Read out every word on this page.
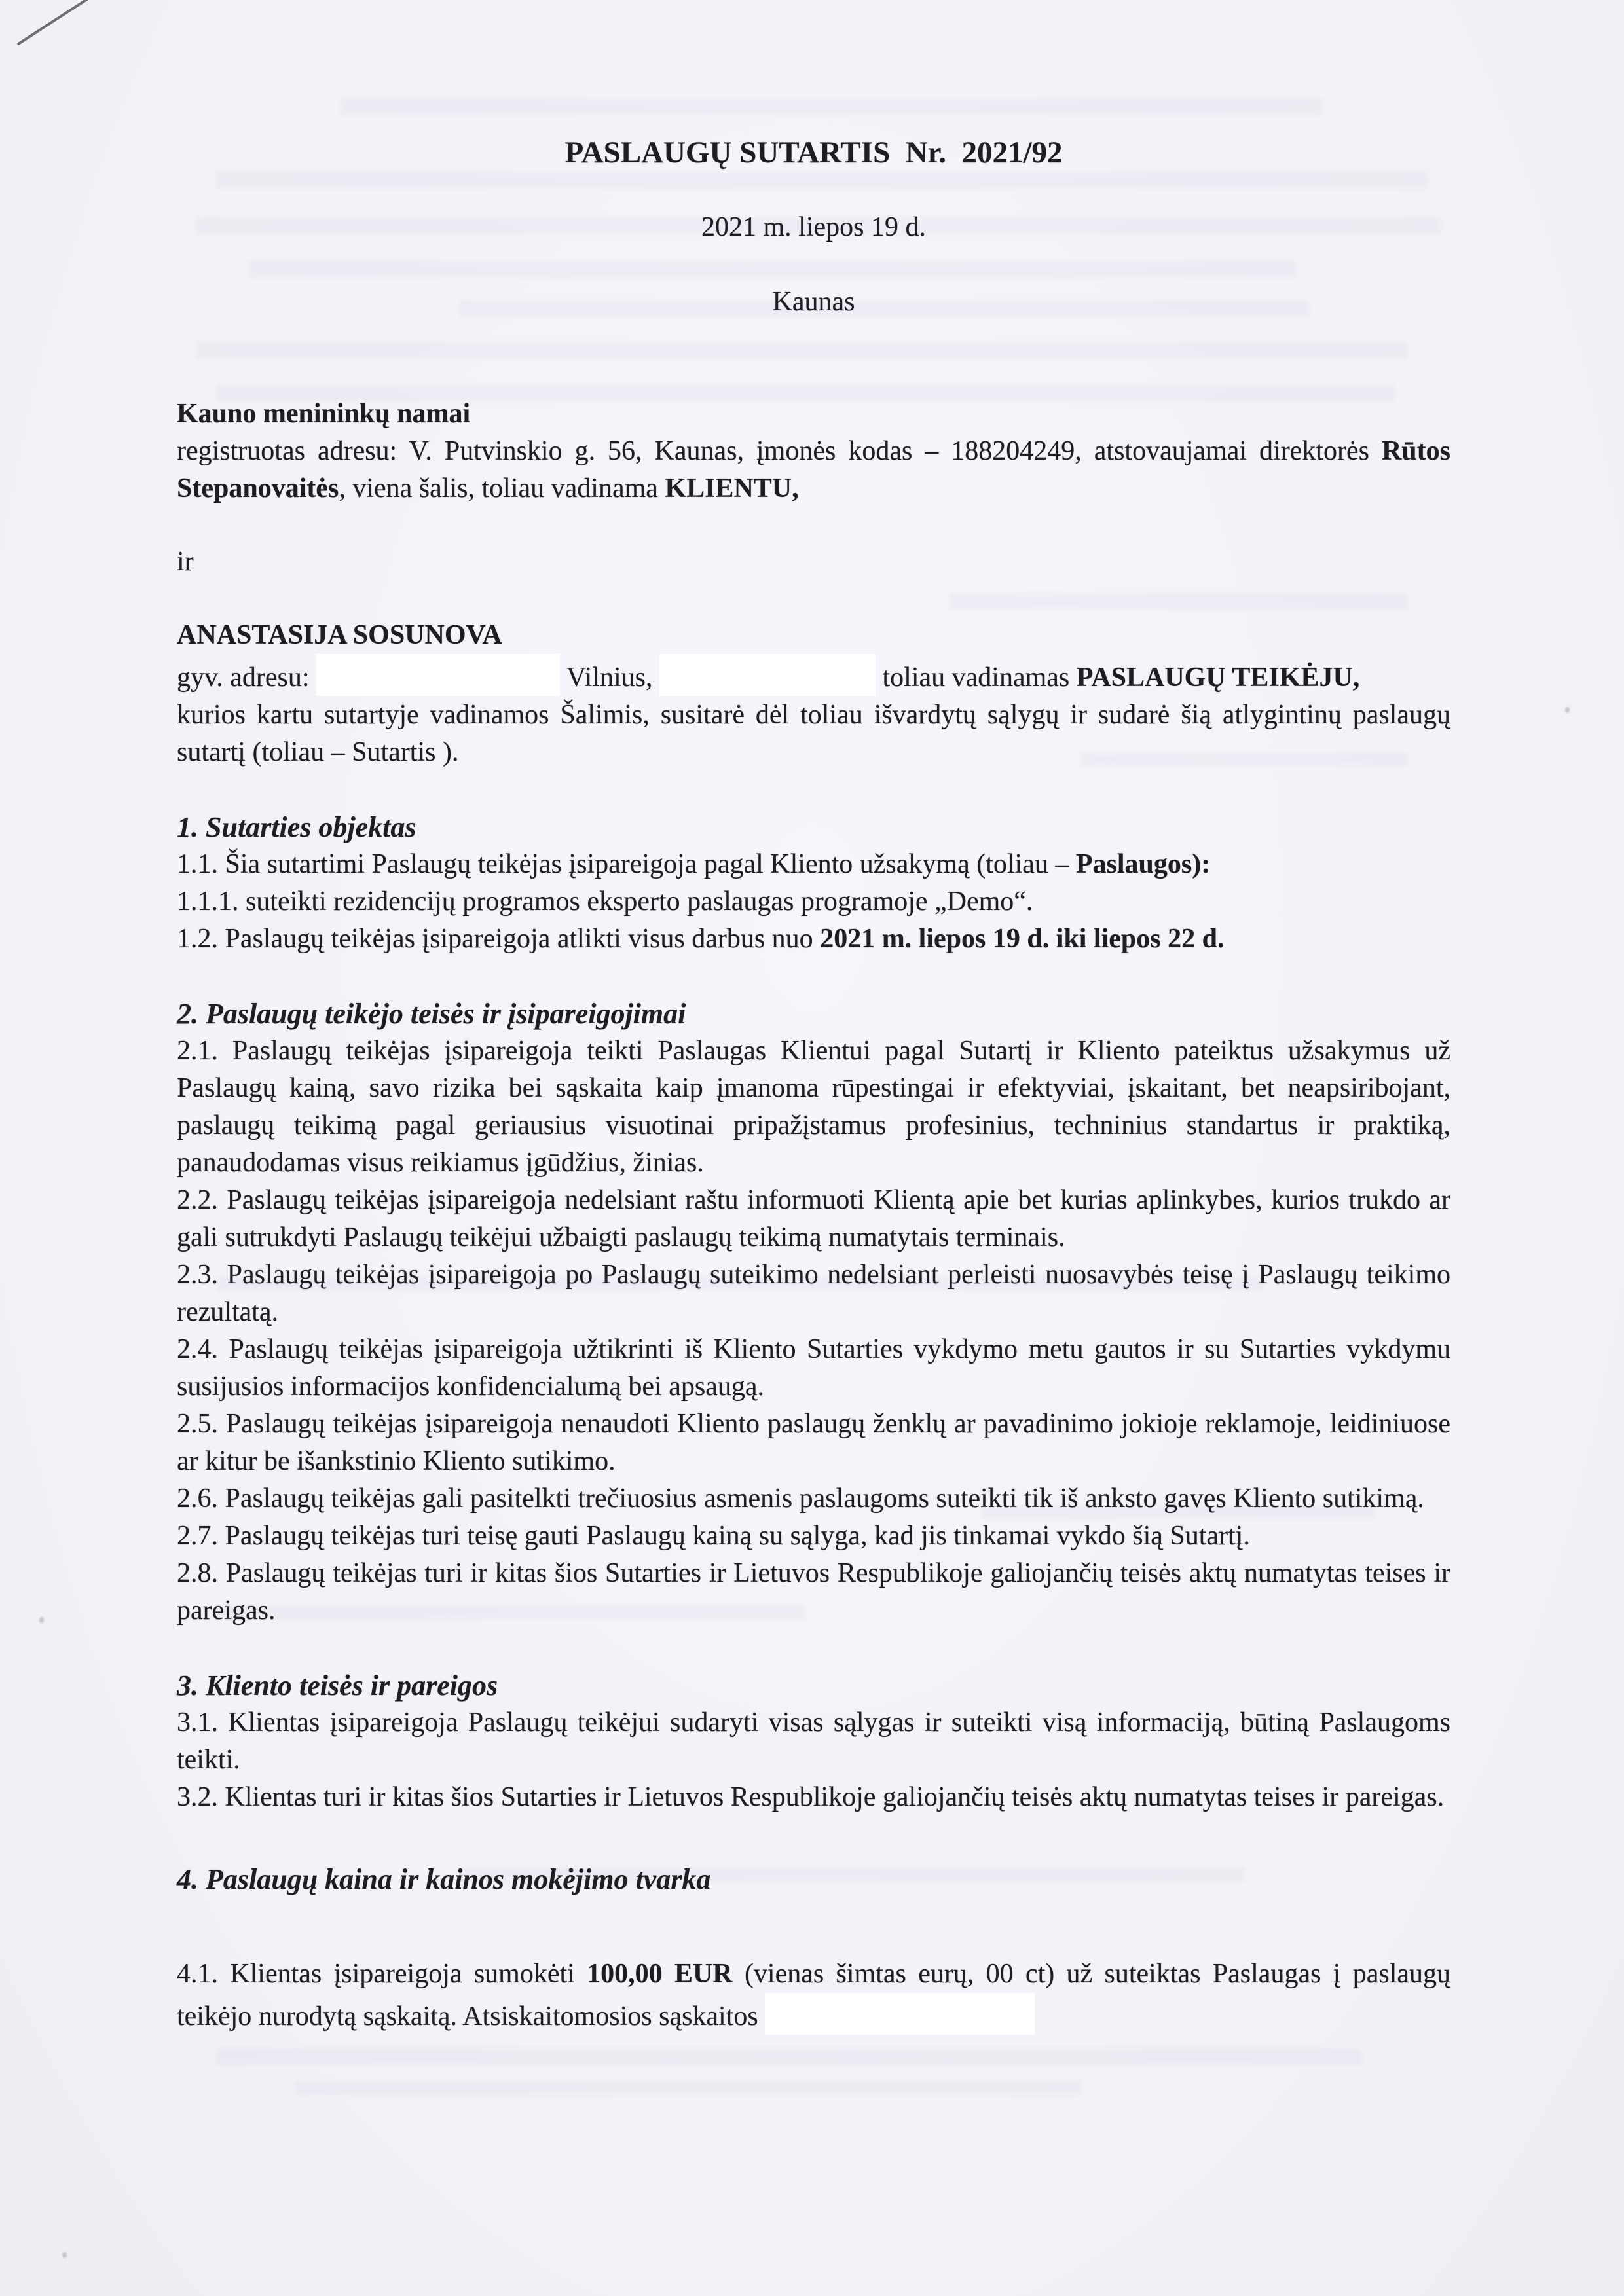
PASLAUGŲ SUTARTIS  Nr.  2021/92

2021 m. liepos 19 d.

Kaunas

Kauno menininkų namai

registruotas adresu: V. Putvinskio g. 56, Kaunas, įmonės kodas – 188204249, atstovaujamai direktorės Rūtos Stepanovaitės, viena šalis, toliau vadinama KLIENTU,

ir

ANASTASIJA SOSUNOVA

gyv. adresu:	Vilnius,	toliau vadinamas PASLAUGŲ TEIKĖJU,

kurios kartu sutartyje vadinamos Šalimis, susitarė dėl toliau išvardytų sąlygų ir sudarė šią atlygintinų paslaugų sutartį (toliau – Sutartis ).

1. Sutarties objektas

1.1. Šia sutartimi Paslaugų teikėjas įsipareigoja pagal Kliento užsakymą (toliau – Paslaugos):

1.1.1. suteikti rezidencijų programos eksperto paslaugas programoje „Demo“.

1.2. Paslaugų teikėjas įsipareigoja atlikti visus darbus nuo 2021 m. liepos 19 d. iki liepos 22 d.

2. Paslaugų teikėjo teisės ir įsipareigojimai

2.1. Paslaugų teikėjas įsipareigoja teikti Paslaugas Klientui pagal Sutartį ir Kliento pateiktus užsakymus už Paslaugų kainą, savo rizika bei sąskaita kaip įmanoma rūpestingai ir efektyviai, įskaitant, bet neapsiribojant, paslaugų teikimą pagal geriausius visuotinai pripažįstamus profesinius, techninius standartus ir praktiką, panaudodamas visus reikiamus įgūdžius, žinias.

2.2. Paslaugų teikėjas įsipareigoja nedelsiant raštu informuoti Klientą apie bet kurias aplinkybes, kurios trukdo ar gali sutrukdyti Paslaugų teikėjui užbaigti paslaugų teikimą numatytais terminais.

2.3. Paslaugų teikėjas įsipareigoja po Paslaugų suteikimo nedelsiant perleisti nuosavybės teisę į Paslaugų teikimo rezultatą.

2.4. Paslaugų teikėjas įsipareigoja užtikrinti iš Kliento Sutarties vykdymo metu gautos ir su Sutarties vykdymu susijusios informacijos konfidencialumą bei apsaugą.

2.5. Paslaugų teikėjas įsipareigoja nenaudoti Kliento paslaugų ženklų ar pavadinimo jokioje reklamoje, leidiniuose ar kitur be išankstinio Kliento sutikimo.

2.6. Paslaugų teikėjas gali pasitelkti trečiuosius asmenis paslaugoms suteikti tik iš anksto gavęs Kliento sutikimą.

2.7. Paslaugų teikėjas turi teisę gauti Paslaugų kainą su sąlyga, kad jis tinkamai vykdo šią Sutartį.

2.8. Paslaugų teikėjas turi ir kitas šios Sutarties ir Lietuvos Respublikoje galiojančių teisės aktų numatytas teises ir pareigas.

3. Kliento teisės ir pareigos

3.1. Klientas įsipareigoja Paslaugų teikėjui sudaryti visas sąlygas ir suteikti visą informaciją, būtiną Paslaugoms teikti.

3.2. Klientas turi ir kitas šios Sutarties ir Lietuvos Respublikoje galiojančių teisės aktų numatytas teises ir pareigas.

4. Paslaugų kaina ir kainos mokėjimo tvarka

4.1. Klientas įsipareigoja sumokėti 100,00 EUR (vienas šimtas eurų, 00 ct) už suteiktas Paslaugas į paslaugų teikėjo nurodytą sąskaitą. Atsiskaitomosios sąskaitos
